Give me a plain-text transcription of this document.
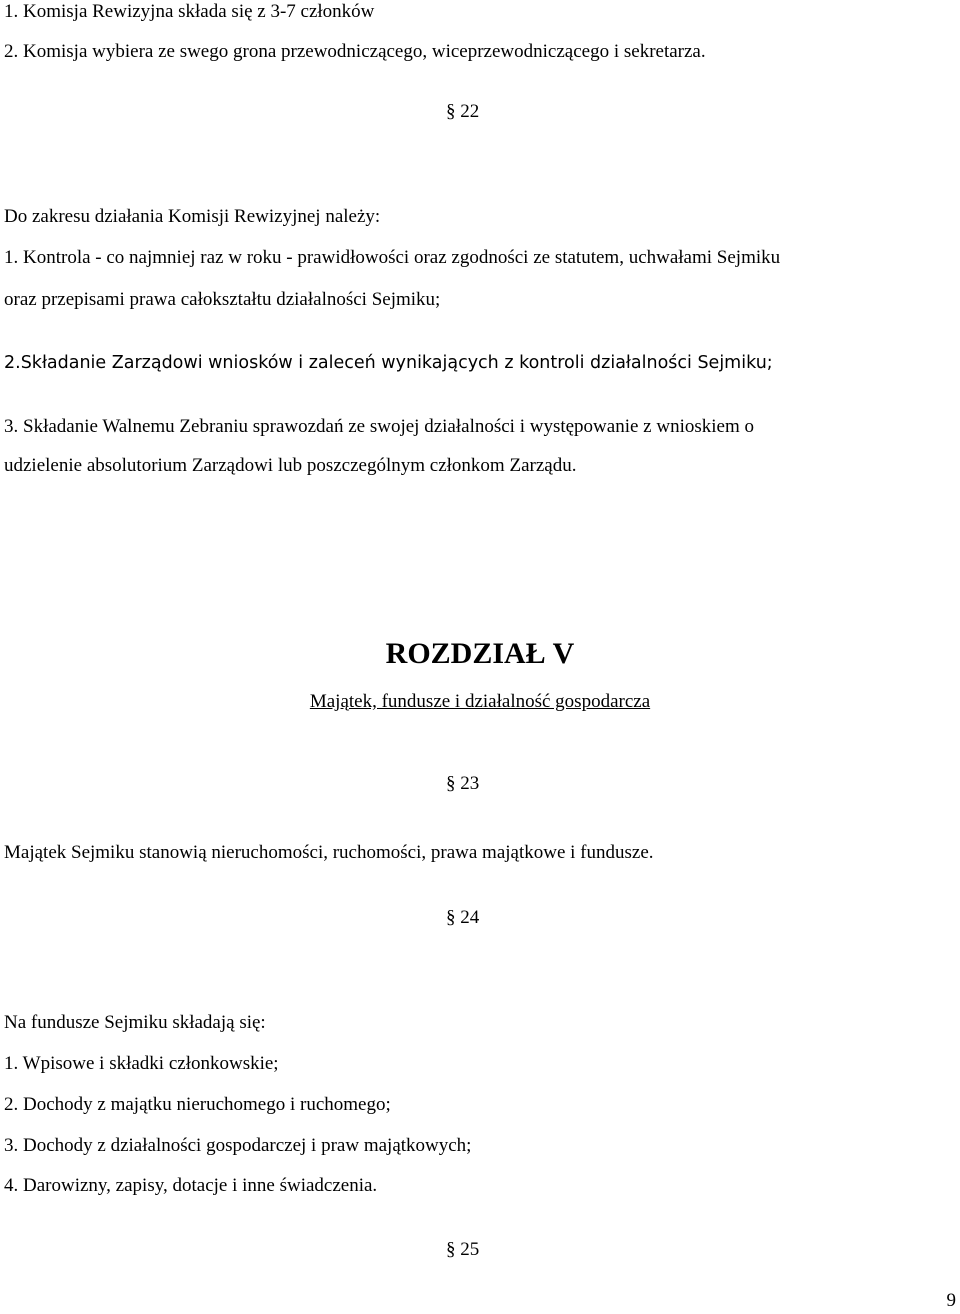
1. Komisja Rewizyjna składa się z 3-7 członków
2. Komisja wybiera ze swego grona przewodniczącego, wiceprzewodniczącego i sekretarza.
§ 22
Do zakresu działania Komisji Rewizyjnej należy:
1. Kontrola - co najmniej raz w roku - prawidłowości oraz zgodności ze statutem, uchwałami Sejmiku
oraz przepisami prawa całokształtu działalności Sejmiku;
2.Składanie Zarządowi wniosków i zaleceń wynikających z kontroli działalności Sejmiku;
3. Składanie Walnemu Zebraniu sprawozdań ze swojej działalności i występowanie z wnioskiem o
udzielenie absolutorium Zarządowi lub poszczególnym członkom Zarządu.
ROZDZIAŁ V
Majątek, fundusze i działalność gospodarcza
§ 23
Majątek Sejmiku stanowią nieruchomości, ruchomości, prawa majątkowe i fundusze.
§ 24
Na fundusze Sejmiku składają się:
1. Wpisowe i składki członkowskie;
2. Dochody z majątku nieruchomego i ruchomego;
3. Dochody z działalności gospodarczej i praw majątkowych;
4. Darowizny, zapisy, dotacje i inne świadczenia.
§ 25
9
